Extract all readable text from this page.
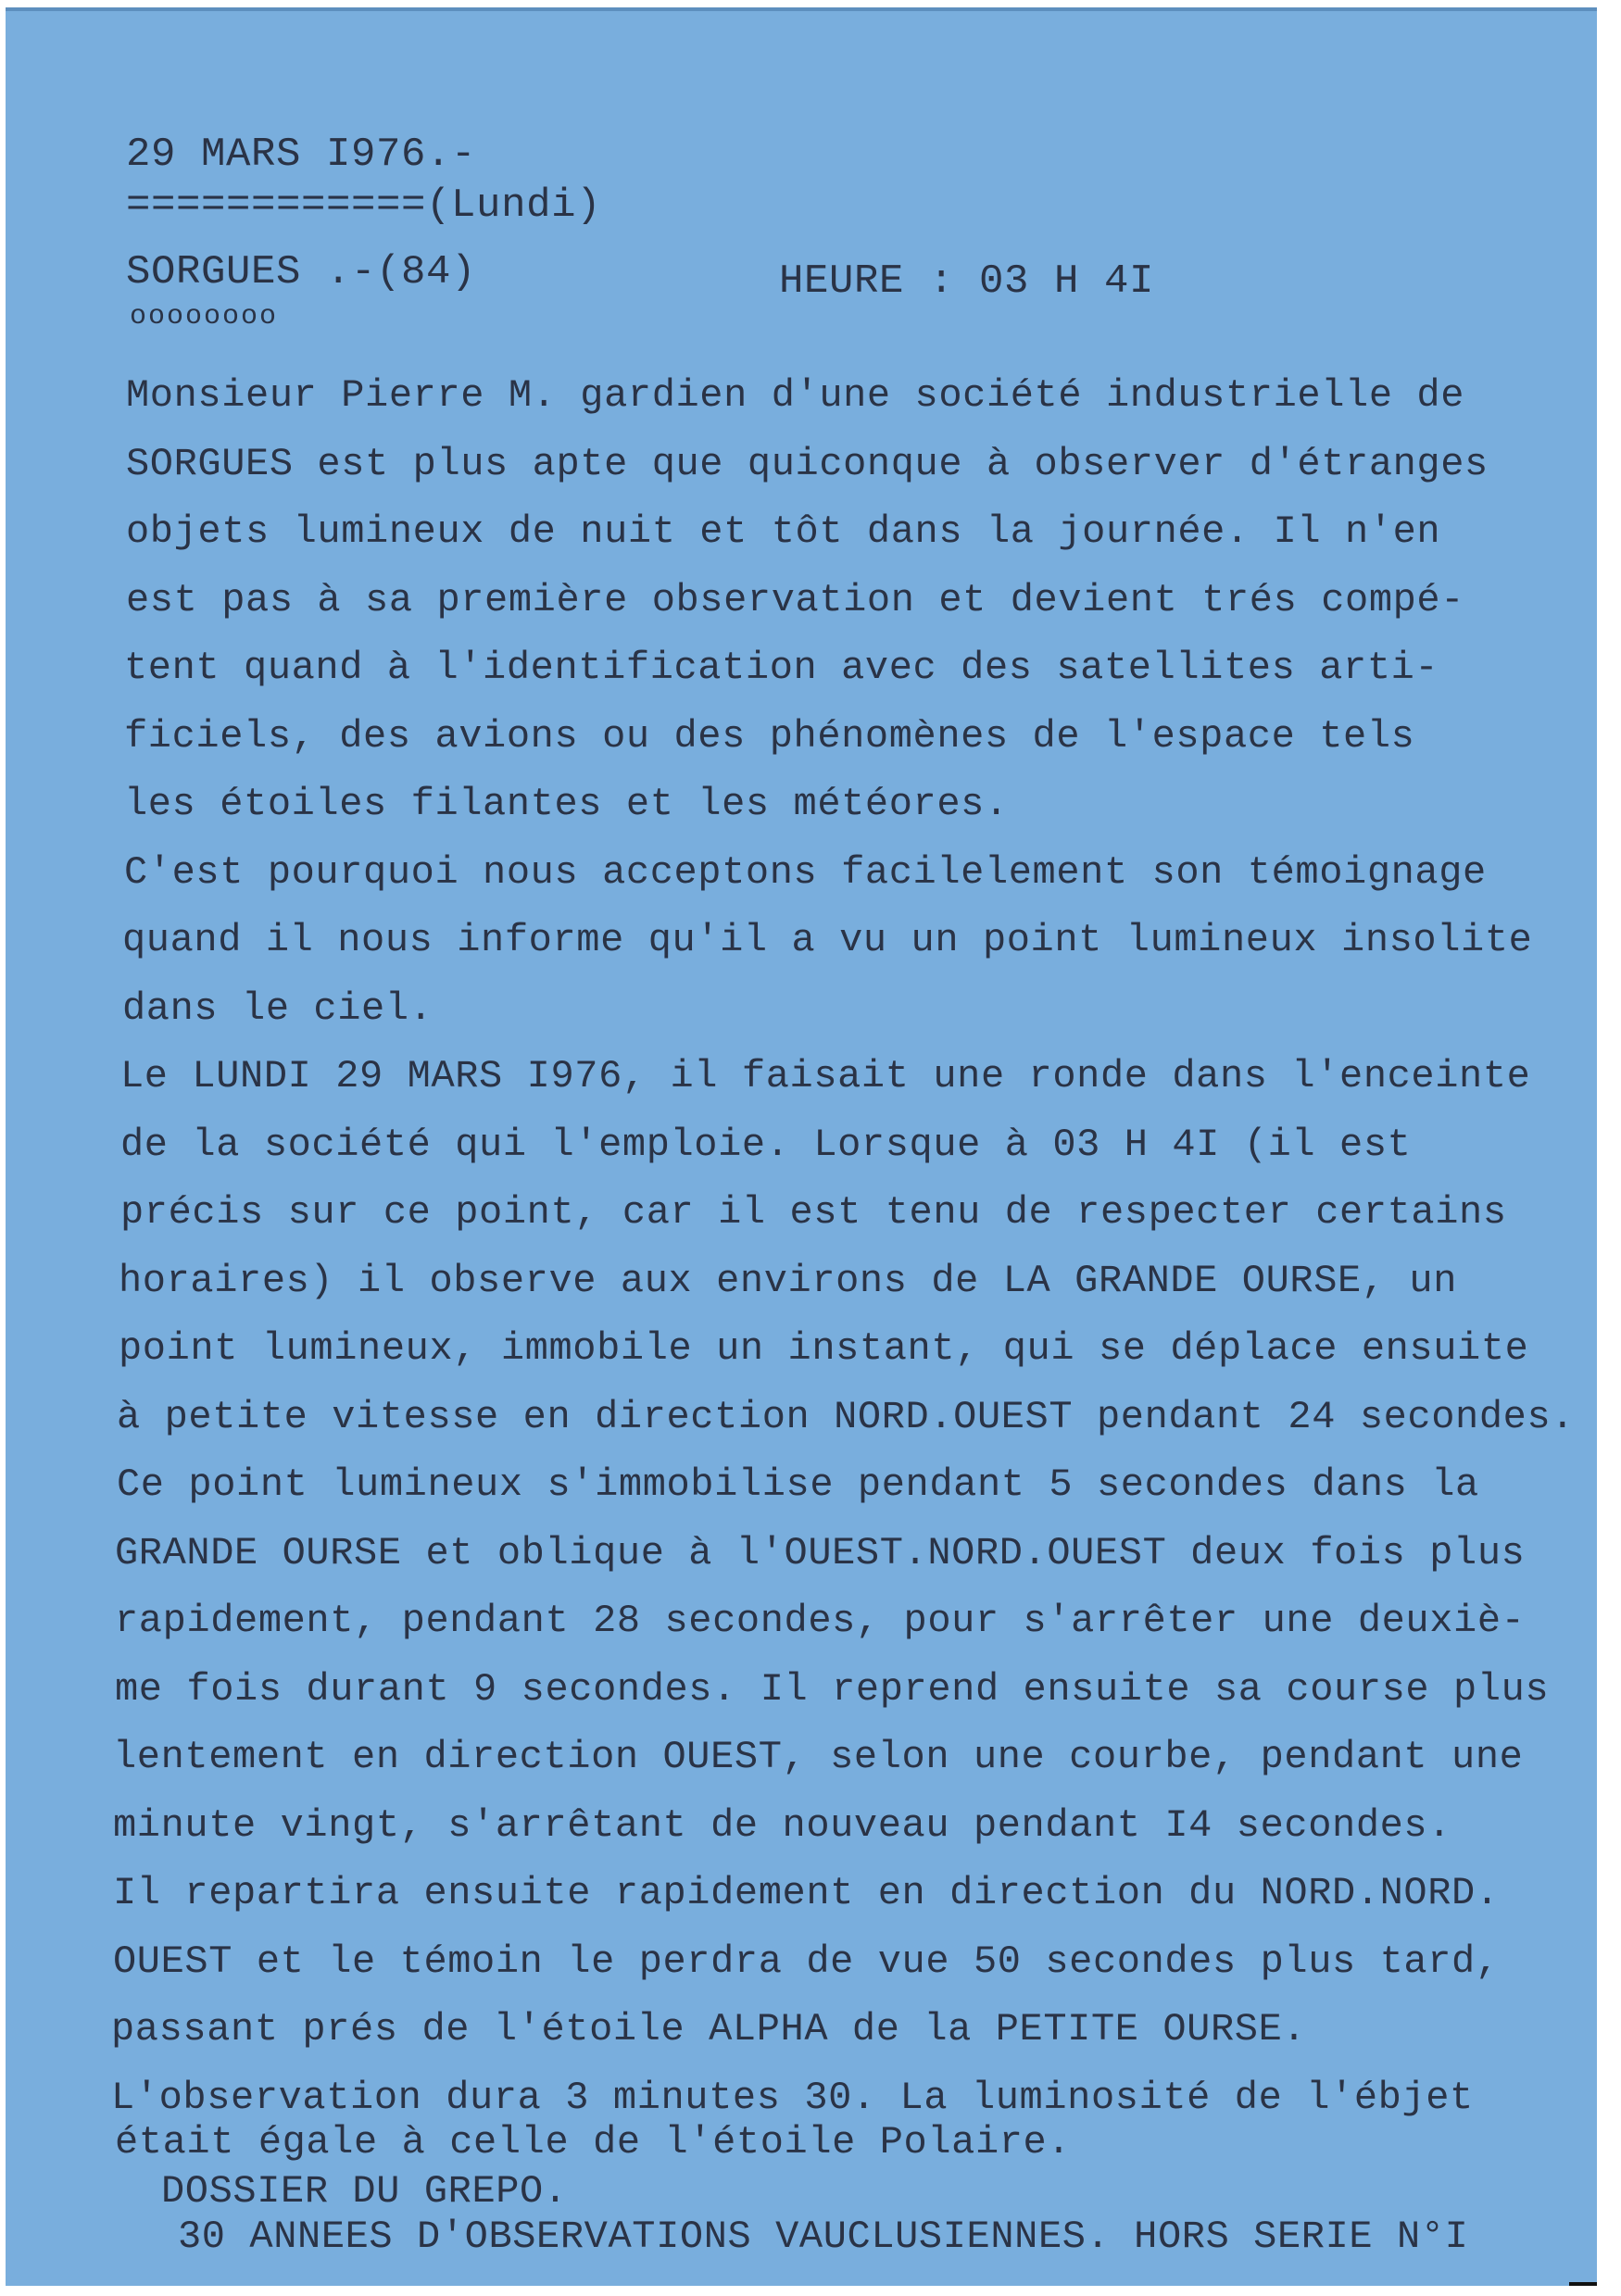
29 MARS I976.-
============(Lundi)
SORGUES .-(84)
oooooooo
HEURE : 03 H 4I
Monsieur Pierre M. gardien d'une société industrielle de
SORGUES est plus apte que quiconque à observer d'étranges
objets lumineux de nuit et tôt dans la journée. Il n'en
est pas à sa première observation et devient trés compé-
tent quand à l'identification avec des satellites arti-
ficiels, des avions ou des phénomènes de l'espace tels
les étoiles filantes et les météores.
C'est pourquoi nous acceptons facilelement son témoignage
quand il nous informe qu'il a vu un point lumineux insolite
dans le ciel.
Le LUNDI 29 MARS I976, il faisait une ronde dans l'enceinte
de la société qui l'emploie. Lorsque à 03 H 4I (il est
précis sur ce point, car il est tenu de respecter certains
horaires) il observe aux environs de LA GRANDE OURSE, un
point lumineux, immobile un instant, qui se déplace ensuite
à petite vitesse en direction NORD.OUEST pendant 24 secondes.
Ce point lumineux s'immobilise pendant 5 secondes dans la
GRANDE OURSE et oblique à l'OUEST.NORD.OUEST deux fois plus
rapidement, pendant 28 secondes, pour s'arrêter une deuxiè-
me fois durant 9 secondes. Il reprend ensuite sa course plus
lentement en direction OUEST, selon une courbe, pendant une
minute vingt, s'arrêtant de nouveau pendant I4 secondes.
Il repartira ensuite rapidement en direction du NORD.NORD.
OUEST et le témoin le perdra de vue 50 secondes plus tard,
passant prés de l'étoile ALPHA de la PETITE OURSE.
L'observation dura 3 minutes 30. La luminosité de l'ébjet
était égale à celle de l'étoile Polaire.
DOSSIER DU GREPO.
30 ANNEES D'OBSERVATIONS VAUCLUSIENNES. HORS SERIE N°I
